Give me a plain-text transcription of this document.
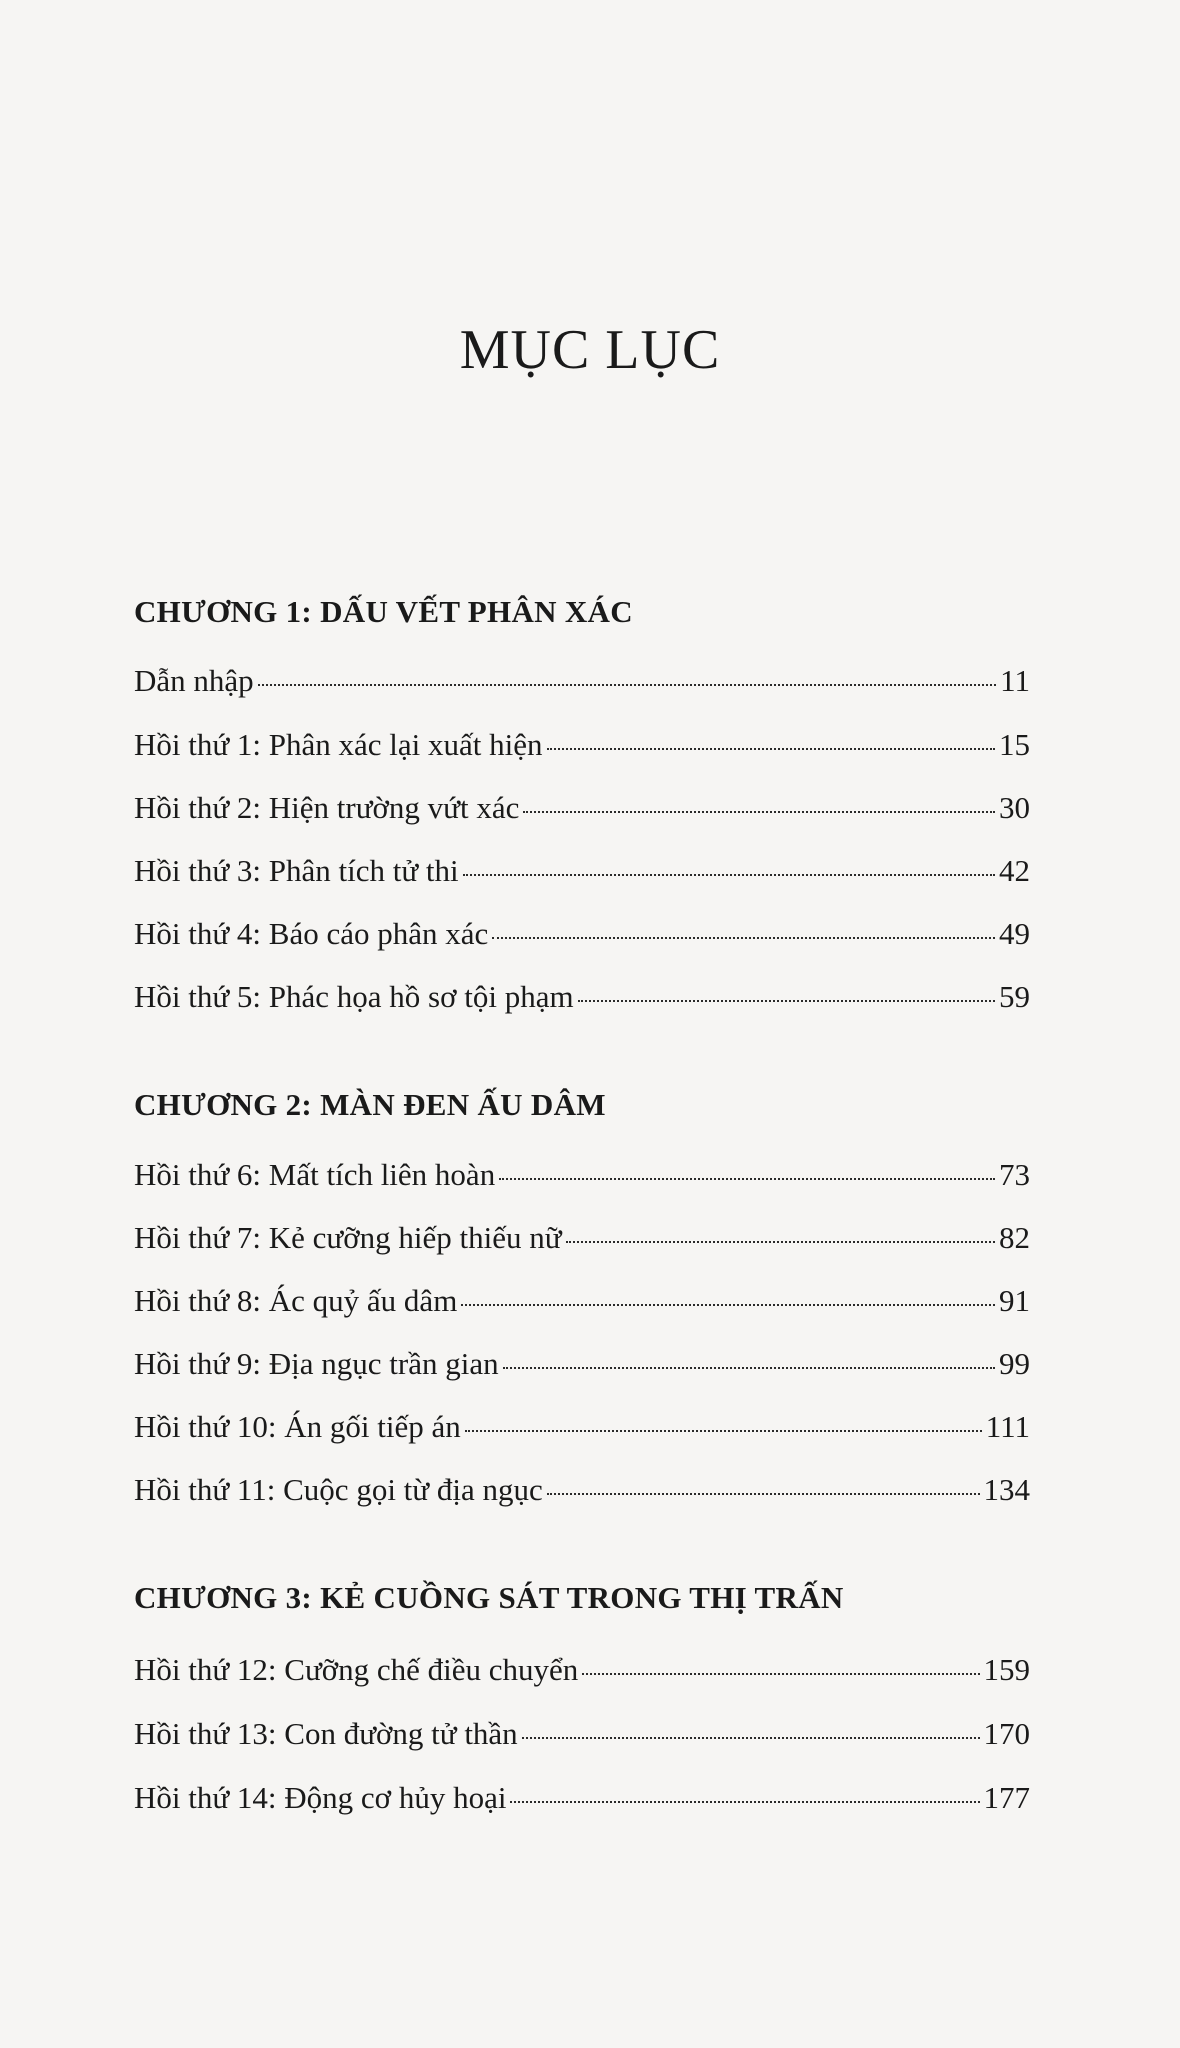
MỤC LỤC
CHƯƠNG 1: DẤU VẾT PHÂN XÁC
Dẫn nhập	11
Hồi thứ 1: Phân xác lại xuất hiện	15
Hồi thứ 2: Hiện trường vứt xác	30
Hồi thứ 3: Phân tích tử thi	42
Hồi thứ 4: Báo cáo phân xác	49
Hồi thứ 5: Phác họa hồ sơ tội phạm	59
CHƯƠNG 2: MÀN ĐEN ẤU DÂM
Hồi thứ 6: Mất tích liên hoàn	73
Hồi thứ 7: Kẻ cưỡng hiếp thiếu nữ	82
Hồi thứ 8: Ác quỷ ấu dâm	91
Hồi thứ 9: Địa ngục trần gian	99
Hồi thứ 10: Án gối tiếp án	111
Hồi thứ 11: Cuộc gọi từ địa ngục	134
CHƯƠNG 3: KẺ CUỒNG SÁT TRONG THỊ TRẤN
Hồi thứ 12: Cưỡng chế điều chuyển	159
Hồi thứ 13: Con đường tử thần	170
Hồi thứ 14: Động cơ hủy hoại	177
